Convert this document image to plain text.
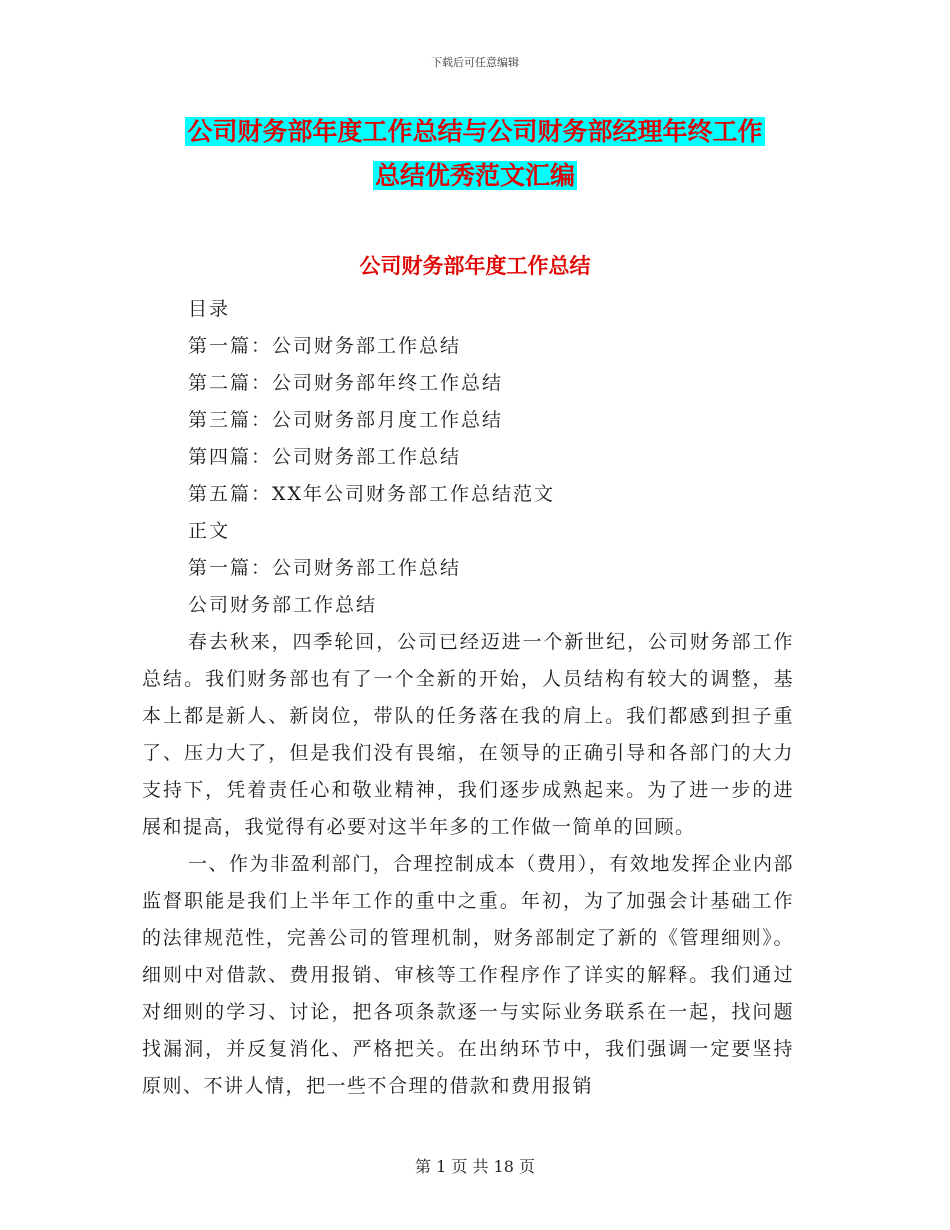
下载后可任意编辑
公司财务部年度工作总结与公司财务部经理年终工作
总结优秀范文汇编
公司财务部年度工作总结
目录
第一篇：公司财务部工作总结
第二篇：公司财务部年终工作总结
第三篇：公司财务部月度工作总结
第四篇：公司财务部工作总结
第五篇：XX年公司财务部工作总结范文
正文
第一篇：公司财务部工作总结
公司财务部工作总结

春去秋来，四季轮回，公司已经迈进一个新世纪，公司财务部工作总结。我们财务部也有了一个全新的开始，人员结构有较大的调整，基本上都是新人、新岗位，带队的任务落在我的肩上。我们都感到担子重了、压力大了，但是我们没有畏缩，在领导的正确引导和各部门的大力支持下，凭着责任心和敬业精神，我们逐步成熟起来。为了进一步的进展和提高，我觉得有必要对这半年多的工作做一简单的回顾。

一、作为非盈利部门，合理控制成本（费用），有效地发挥企业内部监督职能是我们上半年工作的重中之重。年初，为了加强会计基础工作的法律规范性，完善公司的管理机制，财务部制定了新的《管理细则》。细则中对借款、费用报销、审核等工作程序作了详实的解释。我们通过对细则的学习、讨论，把各项条款逐一与实际业务联系在一起，找问题找漏洞，并反复消化、严格把关。在出纳环节中，我们强调一定要坚持原则、不讲人情，把一些不合理的借款和费用报销

第 1 页 共 18 页
